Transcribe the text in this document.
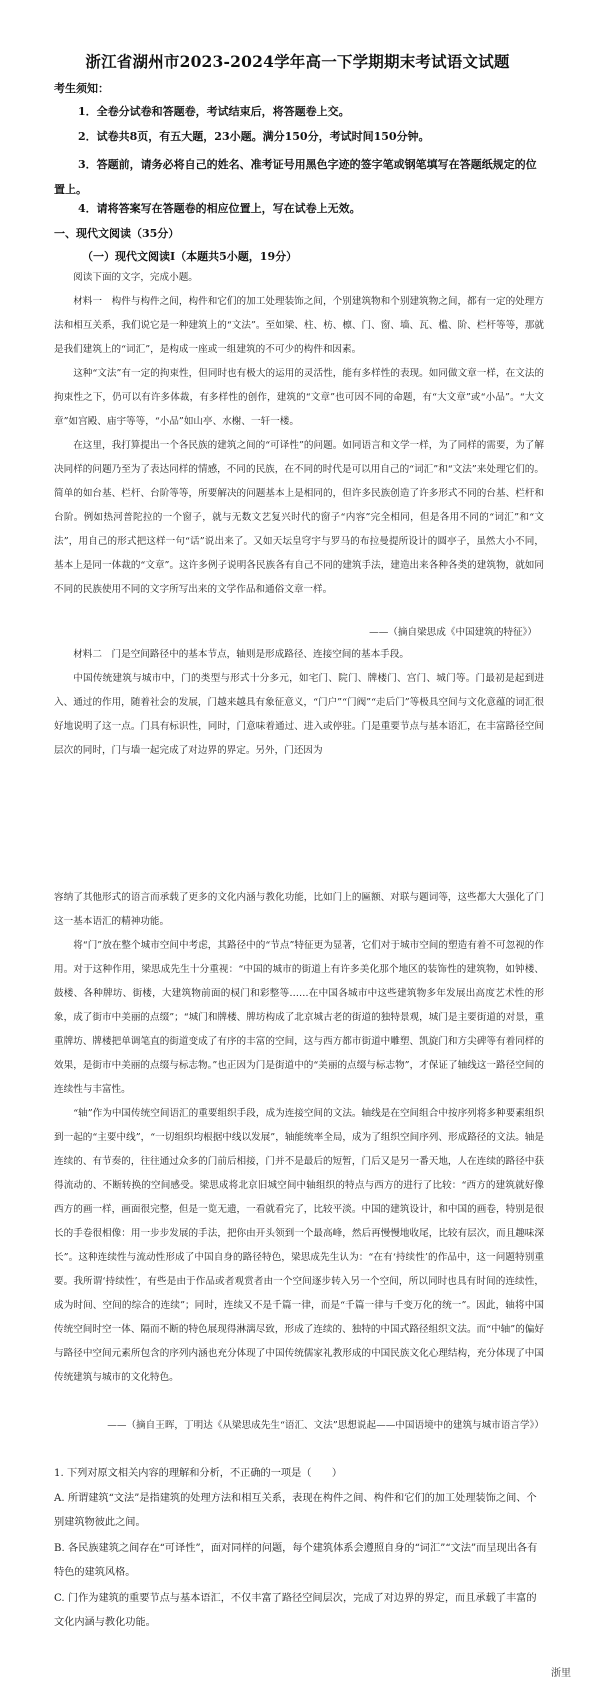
浙江省湖州市2023-2024学年高一下学期期末考试语文试题
考生须知：
1．全卷分试卷和答题卷，考试结束后，将答题卷上交。
2．试卷共8页，有五大题，23小题。满分150分，考试时间150分钟。
3．答题前，请务必将自己的姓名、准考证号用黑色字迹的签字笔或钢笔填写在答题纸规定的位置上。
4．请将答案写在答题卷的相应位置上，写在试卷上无效。
一、现代文阅读（35分）
（一）现代文阅读Ⅰ（本题共5小题，19分）
阅读下面的文字，完成小题。
材料一　构件与构件之间，构件和它们的加工处理装饰之间，个别建筑物和个别建筑物之间，都有一定的处理方法和相互关系，我们说它是一种建筑上的“文法”。至如梁、柱、枋、檩、门、窗、墙、瓦、槛、阶、栏杆等等，那就是我们建筑上的“词汇”，是构成一座或一组建筑的不可少的构件和因素。
这种“文法”有一定的拘束性，但同时也有极大的运用的灵活性，能有多样性的表现。如同做文章一样，在文法的拘束性之下，仍可以有许多体裁，有多样性的创作，建筑的“文章”也可因不同的命题，有“大文章”或“小品”。“大文章”如宫殿、庙宇等等，“小品”如山亭、水榭、一轩一楼。
在这里，我打算提出一个各民族的建筑之间的“可译性”的问题。如同语言和文学一样，为了同样的需要，为了解决同样的问题乃至为了表达同样的情感，不同的民族，在不同的时代是可以用自己的“词汇”和“文法”来处理它们的。简单的如台基、栏杆、台阶等等，所要解决的问题基本上是相同的，但许多民族创造了许多形式不同的台基、栏杆和台阶。例如热河普陀拉的一个窗子，就与无数文艺复兴时代的窗子“内容”完全相同，但是各用不同的“词汇”和“文法”，用自己的形式把这样一句“话”说出来了。又如天坛皇穹宇与罗马的布拉曼提所设计的圆亭子，虽然大小不同，基本上是同一体裁的“文章”。这许多例子说明各民族各有自己不同的建筑手法，建造出来各种各类的建筑物，就如同不同的民族使用不同的文字所写出来的文学作品和通俗文章一样。
——（摘自梁思成《中国建筑的特征》）
材料二　门是空间路径中的基本节点，轴则是形成路径、连接空间的基本手段。
中国传统建筑与城市中，门的类型与形式十分多元，如宅门、院门、牌楼门、宫门、城门等。门最初是起到进入、通过的作用，随着社会的发展，门越来越具有象征意义，“门户”“门阀”“走后门”等极具空间与文化意蕴的词汇很好地说明了这一点。门具有标识性，同时，门意味着通过、进入或停驻。门是重要节点与基本语汇，在丰富路径空间层次的同时，门与墙一起完成了对边界的界定。另外，门还因为
容纳了其他形式的语言而承载了更多的文化内涵与教化功能，比如门上的匾额、对联与题词等，这些都大大强化了门这一基本语汇的精神功能。
将“门”放在整个城市空间中考虑，其路径中的“节点”特征更为显著，它们对于城市空间的塑造有着不可忽视的作用。对于这种作用，梁思成先生十分重视：“中国的城市的街道上有许多美化那个地区的装饰性的建筑物，如钟楼、鼓楼、各种牌坊、街楼，大建筑物前面的棂门和彩整等……在中国各城市中这些建筑物多年发展出高度艺术性的形象，成了街市中美丽的点缀”；“城门和牌楼、牌坊构成了北京城古老的街道的独特景观，城门是主要街道的对景，重重牌坊、牌楼把单调笔直的街道变成了有序的丰富的空间，这与西方都市街道中雕塑、凯旋门和方尖碑等有着同样的效果，是街市中美丽的点缀与标志物。”也正因为门是街道中的“美丽的点缀与标志物”，才保证了轴线这一路径空间的连续性与丰富性。
“轴”作为中国传统空间语汇的重要组织手段，成为连接空间的文法。轴线是在空间组合中按序列将多种要素组织到一起的“主要中线”，“一切组织均根据中线以发展”，轴能统率全局，成为了组织空间序列、形成路径的文法。轴是连续的、有节奏的，往往通过众多的门前后相接，门并不是最后的短暂，门后又是另一番天地，人在连续的路径中获得流动的、不断转换的空间感受。梁思成将北京旧城空间中轴组织的特点与西方的进行了比较：“西方的建筑就好像西方的画一样，画面很完整，但是一览无遗，一看就看完了，比较平淡。中国的建筑设计，和中国的画卷，特别是很长的手卷很相像：用一步步发展的手法，把你由开头领到一个最高峰，然后再慢慢地收尾，比较有层次，而且趣味深长”。这种连续性与流动性形成了中国自身的路径特色，梁思成先生认为：“在有‘持续性’的作品中，这一问题特别重要。我所谓‘持续性’，有些是由于作品或者观赏者由一个空间逐步转入另一个空间，所以同时也具有时间的连续性，成为时间、空间的综合的连续”；同时，连续又不是千篇一律，而是“千篇一律与千变万化的统一”。因此，轴将中国传统空间时空一体、隔而不断的特色展现得淋漓尽致，形成了连续的、独特的中国式路径组织文法。而“中轴”的偏好与路径中空间元素所包含的序列内涵也充分体现了中国传统儒家礼教形成的中国民族文化心理结构，充分体现了中国传统建筑与城市的文化特色。
——（摘自王晖，丁明达《从梁思成先生“语汇、文法”思想说起——中国语境中的建筑与城市语言学》）
1. 下列对原文相关内容的理解和分析，不正确的一项是（　　）
A. 所谓建筑“文法”是指建筑的处理方法和相互关系，表现在构件之间、构件和它们的加工处理装饰之间、个别建筑物彼此之间。
B. 各民族建筑之间存在“可译性”，面对同样的问题，每个建筑体系会遵照自身的“词汇”“文法”而呈现出各有特色的建筑风格。
C. 门作为建筑的重要节点与基本语汇，不仅丰富了路径空间层次，完成了对边界的界定，而且承载了丰富的文化内涵与教化功能。
浙里
